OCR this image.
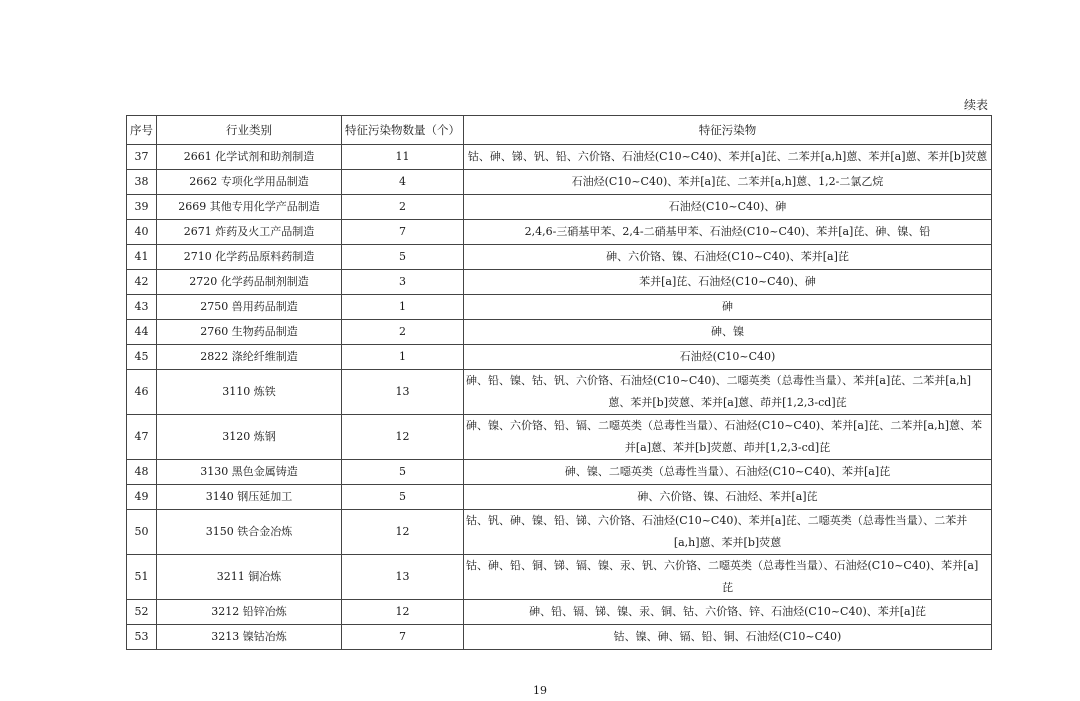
续表
序号	行业类别	特征污染物数量（个）	特征污染物
37	2661 化学试剂和助剂制造	11	钴、砷、锑、钒、铅、六价铬、石油烃(C10~C40)、苯并[a]芘、二苯并[a,h]蒽、苯并[a]蒽、苯并[b]荧蒽
38	2662 专项化学用品制造	4	石油烃(C10~C40)、苯并[a]芘、二苯并[a,h]蒽、1,2-二氯乙烷
39	2669 其他专用化学产品制造	2	石油烃(C10~C40)、砷
40	2671 炸药及火工产品制造	7	2,4,6-三硝基甲苯、2,4-二硝基甲苯、石油烃(C10~C40)、苯并[a]芘、砷、镍、铅
41	2710 化学药品原料药制造	5	砷、六价铬、镍、石油烃(C10~C40)、苯并[a]芘
42	2720 化学药品制剂制造	3	苯并[a]芘、石油烃(C10~C40)、砷
43	2750 兽用药品制造	1	砷
44	2760 生物药品制造	2	砷、镍
45	2822 涤纶纤维制造	1	石油烃(C10~C40)
46	3110 炼铁	13	砷、铅、镍、钴、钒、六价铬、石油烃(C10~C40)、二噁英类（总毒性当量）、苯并[a]芘、二苯并[a,h]蒽、苯并[b]荧蒽、苯并[a]蒽、茚并[1,2,3-cd]芘
47	3120 炼钢	12	砷、镍、六价铬、铅、镉、二噁英类（总毒性当量）、石油烃(C10~C40)、苯并[a]芘、二苯并[a,h]蒽、苯并[a]蒽、苯并[b]荧蒽、茚并[1,2,3-cd]芘
48	3130 黑色金属铸造	5	砷、镍、二噁英类（总毒性当量）、石油烃(C10~C40)、苯并[a]芘
49	3140 钢压延加工	5	砷、六价铬、镍、石油烃、苯并[a]芘
50	3150 铁合金冶炼	12	钴、钒、砷、镍、铅、锑、六价铬、石油烃(C10~C40)、苯并[a]芘、二噁英类（总毒性当量）、二苯并[a,h]蒽、苯并[b]荧蒽
51	3211 铜冶炼	13	钴、砷、铅、铜、锑、镉、镍、汞、钒、六价铬、二噁英类（总毒性当量）、石油烃(C10~C40)、苯并[a]芘
52	3212 铅锌冶炼	12	砷、铅、镉、锑、镍、汞、铜、钴、六价铬、锌、石油烃(C10~C40)、苯并[a]芘
53	3213 镍钴冶炼	7	钴、镍、砷、镉、铅、铜、石油烃(C10~C40)
19
